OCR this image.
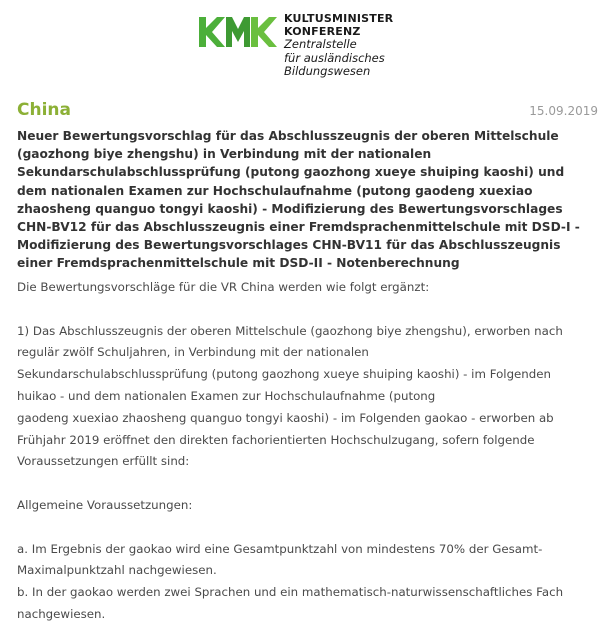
KULTUSMINISTER
KONFERENZ
Zentralstelle
für ausländisches
Bildungswesen
China	15.09.2019
Neuer Bewertungsvorschlag für das Abschlusszeugnis der oberen Mittelschule (gaozhong biye zhengshu) in Verbindung mit der nationalen Sekundarschulabschlussprüfung (putong gaozhong xueye shuiping kaoshi) und dem nationalen Examen zur Hochschulaufnahme (putong gaodeng xuexiao zhaosheng quanguo tongyi kaoshi) - Modifizierung des Bewertungsvorschlages CHN-BV12 für das Abschlusszeugnis einer Fremdsprachenmittelschule mit DSD-I - Modifizierung des Bewertungsvorschlages CHN-BV11 für das Abschlusszeugnis einer Fremdsprachenmittelschule mit DSD-II - Notenberechnung

Die Bewertungsvorschläge für die VR China werden wie folgt ergänzt:

1) Das Abschlusszeugnis der oberen Mittelschule (gaozhong biye zhengshu), erworben nach

regulär zwölf Schuljahren, in Verbindung mit der nationalen

Sekundarschulabschlussprüfung (putong gaozhong xueye shuiping kaoshi) - im Folgenden

huikao - und dem nationalen Examen zur Hochschulaufnahme (putong

gaodeng xuexiao zhaosheng quanguo tongyi kaoshi) - im Folgenden gaokao - erworben ab

Frühjahr 2019 eröffnet den direkten fachorientierten Hochschulzugang, sofern folgende

Voraussetzungen erfüllt sind:

Allgemeine Voraussetzungen:

a. Im Ergebnis der gaokao wird eine Gesamtpunktzahl von mindestens 70% der Gesamt-

Maximalpunktzahl nachgewiesen.

b. In der gaokao werden zwei Sprachen und ein mathematisch-naturwissenschaftliches Fach

nachgewiesen.
